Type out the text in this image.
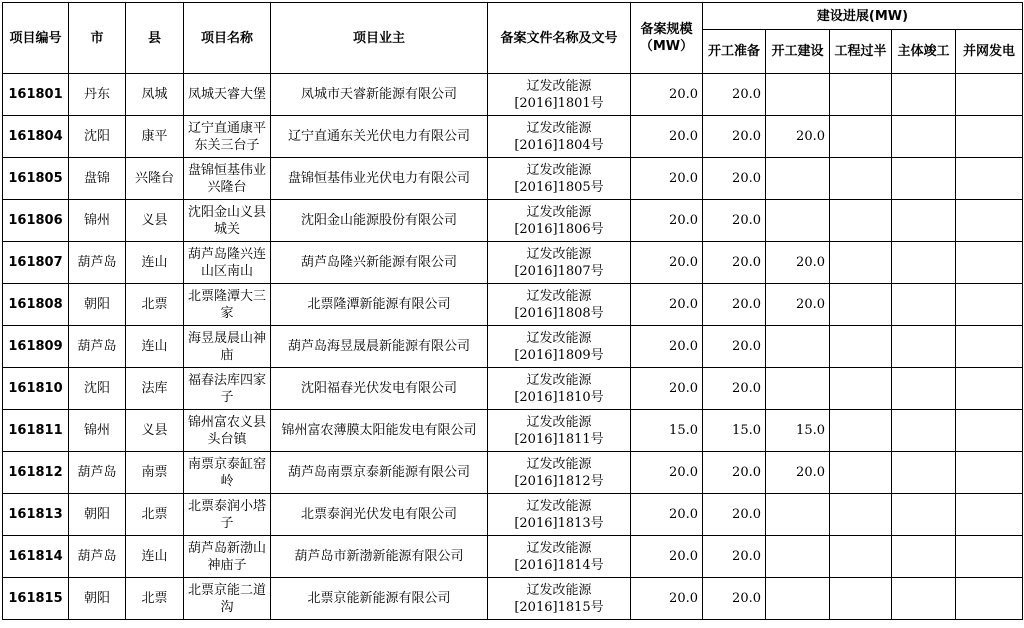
项目编号	市	县	项目名称	项目业主	备案文件名称及文号	备案规模（MW）	建设进展(MW)				
							开工准备	开工建设	工程过半	主体竣工	并网发电
161801	丹东	凤城	凤城天睿大堡	凤城市天睿新能源有限公司	辽发改能源
[2016]1801号	20.0	20.0				
161804	沈阳	康平	辽宁直通康平东关三台子	辽宁直通东关光伏电力有限公司	辽发改能源
[2016]1804号	20.0	20.0	20.0			
161805	盘锦	兴隆台	盘锦恒基伟业兴隆台	盘锦恒基伟业光伏电力有限公司	辽发改能源
[2016]1805号	20.0	20.0				
161806	锦州	义县	沈阳金山义县城关	沈阳金山能源股份有限公司	辽发改能源
[2016]1806号	20.0	20.0				
161807	葫芦岛	连山	葫芦岛隆兴连山区南山	葫芦岛隆兴新能源有限公司	辽发改能源
[2016]1807号	20.0	20.0	20.0			
161808	朝阳	北票	北票隆潭大三家	北票隆潭新能源有限公司	辽发改能源
[2016]1808号	20.0	20.0	20.0			
161809	葫芦岛	连山	海昱晟晨山神庙	葫芦岛海昱晟晨新能源有限公司	辽发改能源
[2016]1809号	20.0	20.0				
161810	沈阳	法库	福春法库四家子	沈阳福春光伏发电有限公司	辽发改能源
[2016]1810号	20.0	20.0				
161811	锦州	义县	锦州富农义县头台镇	锦州富农薄膜太阳能发电有限公司	辽发改能源
[2016]1811号	15.0	15.0	15.0			
161812	葫芦岛	南票	南票京泰缸窑岭	葫芦岛南票京泰新能源有限公司	辽发改能源
[2016]1812号	20.0	20.0	20.0			
161813	朝阳	北票	北票泰润小塔子	北票泰润光伏发电有限公司	辽发改能源
[2016]1813号	20.0	20.0				
161814	葫芦岛	连山	葫芦岛新渤山神庙子	葫芦岛市新渤新能源有限公司	辽发改能源
[2016]1814号	20.0	20.0				
161815	朝阳	北票	北票京能二道沟	北票京能新能源有限公司	辽发改能源
[2016]1815号	20.0	20.0				
